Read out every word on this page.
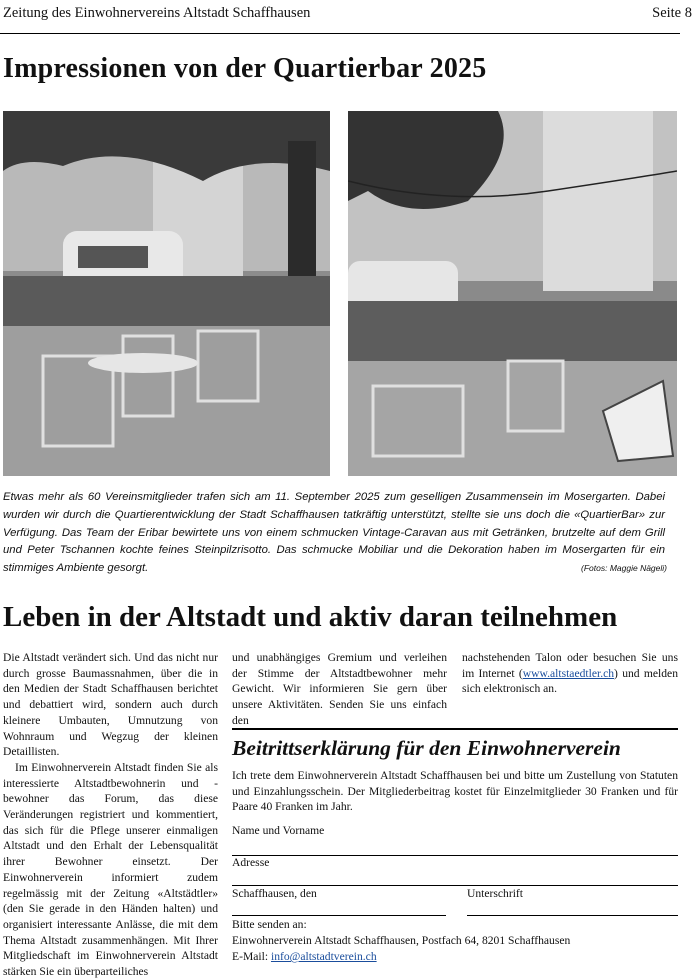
Zeitung des Einwohnervereins Altstadt Schaffhausen	Seite 8
Impressionen von der Quartierbar 2025
Etwas mehr als 60 Vereinsmitglieder trafen sich am 11. September 2025 zum geselligen Zusammensein im Mosergarten. Dabei wurden wir durch die Quartierentwicklung der Stadt Schaffhausen tatkräftig unterstützt, stellte sie uns doch die «QuartierBar» zur Verfügung. Das Team der Eribar bewirtete uns von einem schmucken Vintage-Caravan aus mit Getränken, brutzelte auf dem Grill und Peter Tschannen kochte feines Steinpilzrisotto. Das schmucke Mobiliar und die Dekoration haben im Mosergarten für ein stimmiges Ambiente gesorgt.	(Fotos: Maggie Nägeli)
Leben in der Altstadt und aktiv daran teilnehmen

Die Altstadt verändert sich. Und das nicht nur durch grosse Baumassnahmen, über die in den Medien der Stadt Schaffhausen berichtet und debattiert wird, sondern auch durch kleinere Umbauten, Umnutzung von Wohnraum und Wegzug der kleinen Detaillisten.

Im Einwohnerverein Altstadt finden Sie als interessierte Altstadtbewohnerin und -bewohner das Forum, das diese Veränderungen registriert und kommentiert, das sich für die Pflege unserer einmaligen Altstadt und den Erhalt der Lebensqualität ihrer Bewohner einsetzt. Der Einwohnerverein informiert zudem regelmässig mit der Zeitung «Altstädtler» (den Sie gerade in den Händen halten) und organisiert interessante Anlässe, die mit dem Thema Altstadt zusammenhängen. Mit Ihrer Mitgliedschaft im Einwohnerverein Altstadt stärken Sie ein überparteiliches

und unabhängiges Gremium und verleihen der Stimme der Altstadtbewohner mehr Gewicht. Wir informieren Sie gern über unsere Aktivitäten. Senden Sie uns einfach den

nachstehenden Talon oder besuchen Sie uns im Internet (www.altstaedtler.ch) und melden sich elektronisch an.

Beitrittserklärung für den Einwohnerverein
Ich trete dem Einwohnerverein Altstadt Schaffhausen bei und bitte um Zustellung von Statuten und Einzahlungsschein. Der Mitgliederbeitrag kostet für Einzelmitglieder 30 Franken und für Paare 40 Franken im Jahr.
Name und Vorname
Adresse
Schaffhausen, den	Unterschrift
Bitte senden an:
Einwohnerverein Altstadt Schaffhausen, Postfach 64, 8201 Schaffhausen
E-Mail: info@altstadtverein.ch
